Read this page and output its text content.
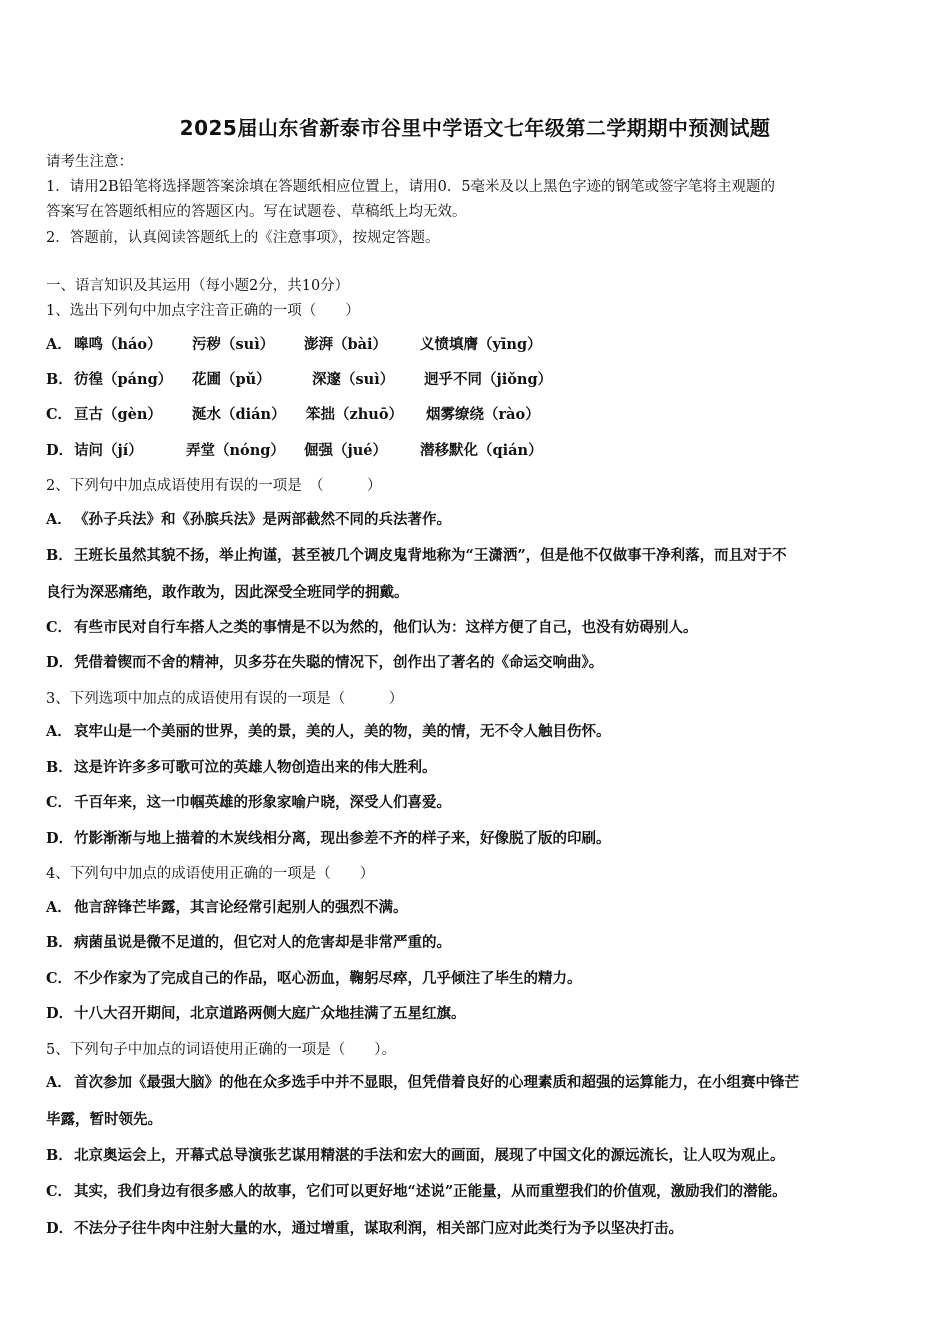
2025届山东省新泰市谷里中学语文七年级第二学期期中预测试题
请考生注意：
1．请用2B铅笔将选择题答案涂填在答题纸相应位置上，请用0．5毫米及以上黑色字迹的钢笔或签字笔将主观题的
答案写在答题纸相应的答题区内。写在试题卷、草稿纸上均无效。
2．答题前，认真阅读答题纸上的《注意事项》，按规定答题。
一、语言知识及其运用（每小题2分，共10分）
1、选出下列句中加点字注音正确的一项（　　）
A． 嗥鸣（háo） 污秽（suì） 澎湃（bài） 义愤填膺（yīng）
B．彷徨（páng） 花圃（pǔ）	深邃（suì） 迥乎不同（jiǒng）
C． 亘古（gèn） 涎水（dián） 笨拙（zhuō） 烟雾缭绕（rào）
D．诘问（jí）	弄堂（nóng） 倔强（jué） 潜移默化（qián）
2、下列句中加点成语使用有误的一项是　（　　　）
A． 《孙子兵法》和《孙膑兵法》是两部截然不同的兵法著作。
B．王班长虽然其貌不扬，举止拘谨，甚至被几个调皮鬼背地称为“王潇洒”，但是他不仅做事干净利落，而且对于不
良行为深恶痛绝，敢作敢为，因此深受全班同学的拥戴。
C． 有些市民对自行车搭人之类的事情是不以为然的，他们认为：这样方便了自己，也没有妨碍别人。
D．凭借着锲而不舍的精神，贝多芬在失聪的情况下，创作出了著名的《命运交响曲》。
3、下列选项中加点的成语使用有误的一项是（　　　）
A． 哀牢山是一个美丽的世界，美的景，美的人，美的物，美的情，无不令人触目伤怀。
B．这是许许多多可歌可泣的英雄人物创造出来的伟大胜利。
C． 千百年来，这一巾帼英雄的形象家喻户晓，深受人们喜爱。
D．竹影渐渐与地上描着的木炭线相分离，现出参差不齐的样子来，好像脱了版的印刷。
4、下列句中加点的成语使用正确的一项是（　　）
A． 他言辞锋芒毕露，其言论经常引起别人的强烈不满。
B．病菌虽说是微不足道的，但它对人的危害却是非常严重的。
C． 不少作家为了完成自己的作品，呕心沥血，鞠躬尽瘁，几乎倾注了毕生的精力。
D．十八大召开期间，北京道路两侧大庭广众地挂满了五星红旗。
5、下列句子中加点的词语使用正确的一项是（　　）。
A． 首次参加《最强大脑》的他在众多选手中并不显眼，但凭借着良好的心理素质和超强的运算能力，在小组赛中锋芒
毕露，暂时领先。
B．北京奥运会上，开幕式总导演张艺谋用精湛的手法和宏大的画面，展现了中国文化的源远流长，让人叹为观止。
C． 其实，我们身边有很多感人的故事，它们可以更好地“述说”正能量，从而重塑我们的价值观，激励我们的潜能。
D．不法分子往牛肉中注射大量的水，通过增重，谋取利润，相关部门应对此类行为予以坚决打击。
